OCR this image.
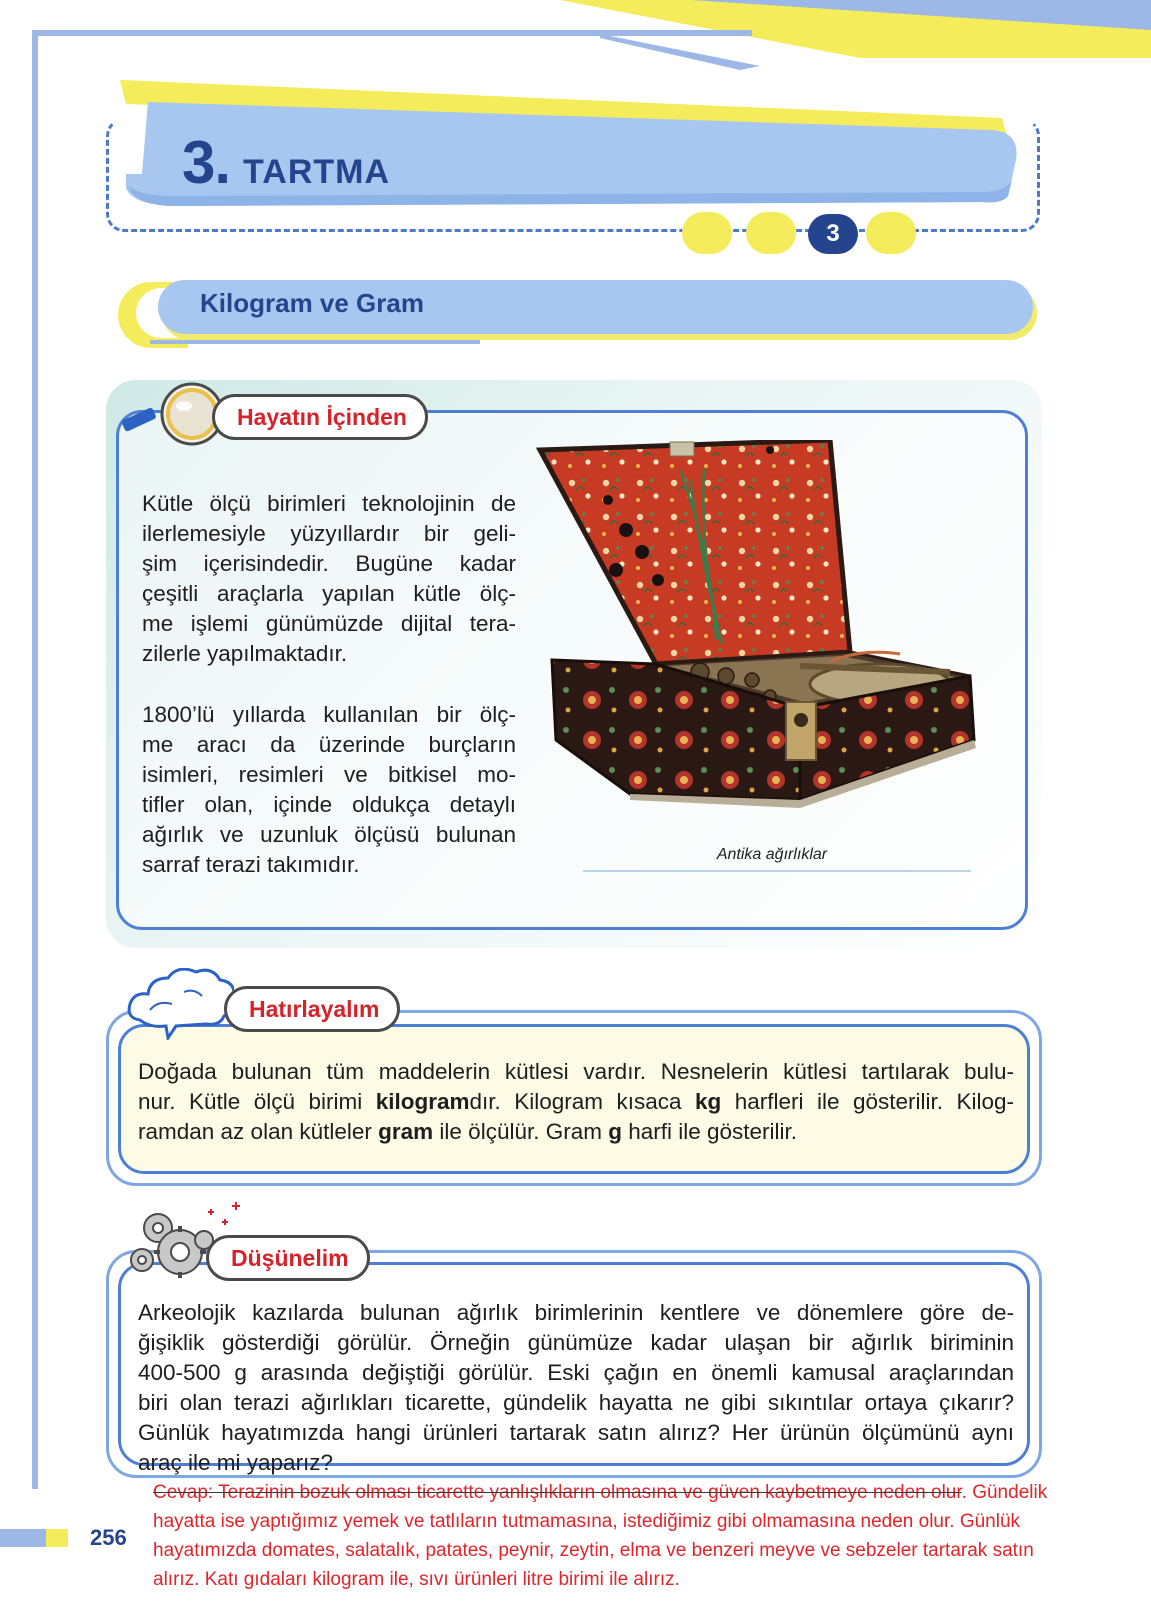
3. TARTMA
3
Kilogram ve Gram
Hayatın İçinden
Kütle ölçü birimleri teknolojinin de
ilerlemesiyle yüzyıllardır bir geli-
şim içerisindedir. Bugüne kadar
çeşitli araçlarla yapılan kütle ölç-
me işlemi günümüzde dijital tera-
zilerle yapılmaktadır.
1800’lü yıllarda kullanılan bir ölç-
me aracı da üzerinde burçların
isimleri, resimleri ve bitkisel mo-
tifler olan, içinde oldukça detaylı
ağırlık ve uzunluk ölçüsü bulunan
sarraf terazi takımıdır.	Antika ağırlıklar
Hatırlayalım
Doğada bulunan tüm maddelerin kütlesi vardır. Nesnelerin kütlesi tartılarak bulu-
nur. Kütle ölçü birimi kilogramdır. Kilogram kısaca kg harfleri ile gösterilir. Kilog-
ramdan az olan kütleler gram ile ölçülür. Gram g harfi ile gösterilir.
Düşünelim
Arkeolojik kazılarda bulunan ağırlık birimlerinin kentlere ve dönemlere göre de-
ğişiklik gösterdiği görülür. Örneğin günümüze kadar ulaşan bir ağırlık biriminin
400-500 g arasında değiştiği görülür. Eski çağın en önemli kamusal araçlarından
biri olan terazi ağırlıkları ticarette, gündelik hayatta ne gibi sıkıntılar ortaya çıkarır?
Günlük hayatımızda hangi ürünleri tartarak satın alırız? Her ürünün ölçümünü aynı
araç ile mi yaparız?
Cevap: Terazinin bozuk olması ticarette yanlışlıkların olmasına ve güven kaybetmeye neden olur. Gündelik
hayatta ise yaptığımız yemek ve tatlıların tutmamasına, istediğimiz gibi olmamasına neden olur. Günlük
hayatımızda domates, salatalık, patates, peynir, zeytin, elma ve benzeri meyve ve sebzeler tartarak satın
alırız. Katı gıdaları kilogram ile, sıvı ürünleri litre birimi ile alırız.
256
